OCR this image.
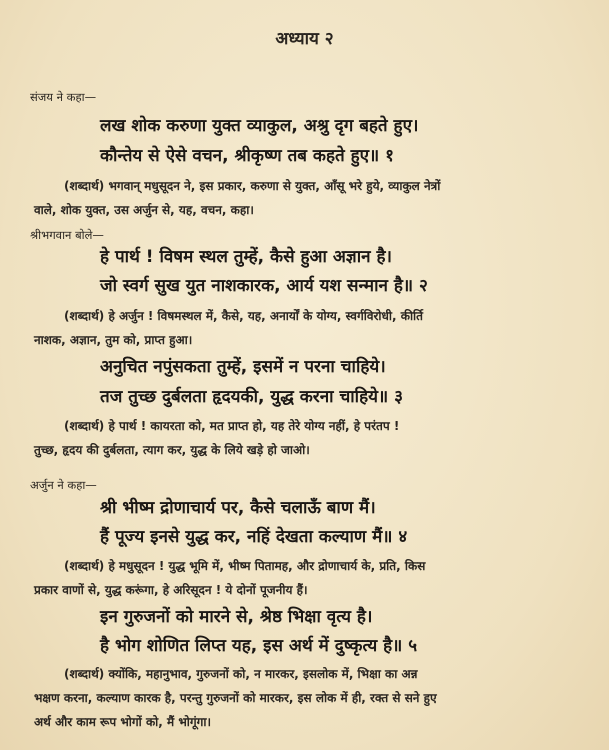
अध्याय २
संजय ने कहा—
लख शोक करुणा युक्त व्याकुल, अश्रु दृग बहते हुए।
कौन्तेय से ऐसे वचन, श्रीकृष्ण तब कहते हुए॥ १
(शब्दार्थ) भगवान् मधुसूदन ने, इस प्रकार, करुणा से युक्त, आँसू भरे हुये, व्याकुल नेत्रों
वाले, शोक युक्त, उस अर्जुन से, यह, वचन, कहा।
श्रीभगवान बोले—
हे पार्थ ! विषम स्थल तुम्हें, कैसे हुआ अज्ञान है।
जो स्वर्ग सुख युत नाशकारक, आर्य यश सन्मान है॥ २
(शब्दार्थ) हे अर्जुन ! विषमस्थल में, कैसे, यह, अनार्यों के योग्य, स्वर्गविरोधी, कीर्ति
नाशक, अज्ञान, तुम को, प्राप्त हुआ।
अनुचित नपुंसकता तुम्हें, इसमें न परना चाहिये।
तज तुच्छ दुर्बलता हृदयकी, युद्ध करना चाहिये॥ ३
(शब्दार्थ) हे पार्थ ! कायरता को, मत प्राप्त हो, यह तेरे योग्य नहीं, हे परंतप !
तुच्छ, हृदय की दुर्बलता, त्याग कर, युद्ध के लिये खड़े हो जाओ।
अर्जुन ने कहा—
श्री भीष्म द्रोणाचार्य पर, कैसे चलाऊँ बाण मैं।
हैं पूज्य इनसे युद्ध कर, नहिं देखता कल्याण मैं॥ ४
(शब्दार्थ) हे मधुसूदन ! युद्ध भूमि में, भीष्म पितामह, और द्रोणाचार्य के, प्रति, किस
प्रकार वाणों से, युद्ध करूंगा, हे अरिसूदन ! ये दोनों पूजनीय हैं।
इन गुरुजनों को मारने से, श्रेष्ठ भिक्षा वृत्य है।
है भोग शोणित लिप्त यह, इस अर्थ में दुष्कृत्य है॥ ५
(शब्दार्थ) क्योंकि, महानुभाव, गुरुजनों को, न मारकर, इसलोक में, भिक्षा का अन्न
भक्षण करना, कल्याण कारक है, परन्तु गुरुजनों को मारकर, इस लोक में ही, रक्त से सने हुए
अर्थ और काम रूप भोगों को, मैं भोगूंगा।
